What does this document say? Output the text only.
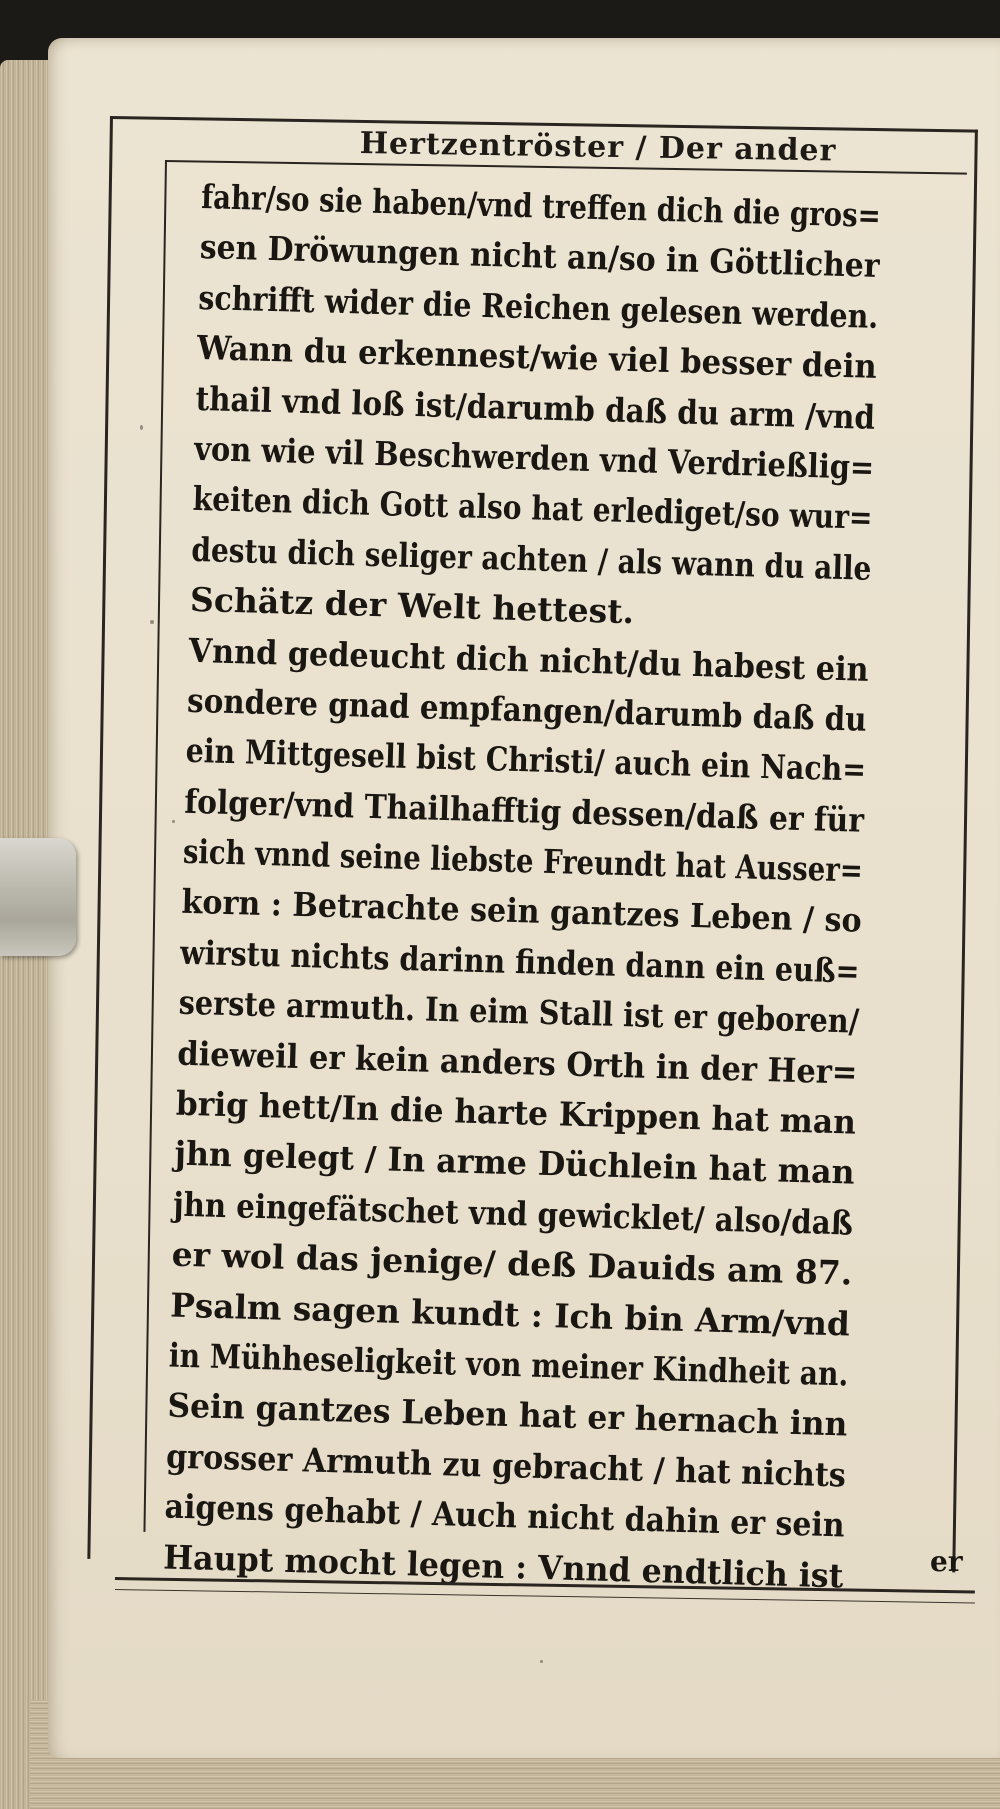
Hertzentröster / Der ander
fahr/so sie haben/vnd treffen dich die gros=
sen Dröwungen nicht an/so in Göttlicher
schrifft wider die Reichen gelesen werden.
Wann du erkennest/wie viel besser dein
thail vnd loß ist/darumb daß du arm /vnd
von wie vil Beschwerden vnd Verdrießlig=
keiten dich Gott also hat erlediget/so wur=
destu dich seliger achten / als wann du alle
Schätz der Welt hettest.
Vnnd gedeucht dich nicht/du habest ein
sondere gnad empfangen/darumb daß du
ein Mittgesell bist Christi/ auch ein Nach=
folger/vnd Thailhafftig dessen/daß er für
sich vnnd seine liebste Freundt hat Ausser=
korn : Betrachte sein gantzes Leben / so
wirstu nichts darinn finden dann ein euß=
serste armuth. In eim Stall ist er geboren/
dieweil er kein anders Orth in der Her=
brig hett/In die harte Krippen hat man
jhn gelegt / In arme Düchlein hat man
jhn eingefätschet vnd gewicklet/ also/daß
er wol das jenige/ deß Dauids am 87.
Psalm sagen kundt : Ich bin Arm/vnd
in Mühheseligkeit von meiner Kindheit an.
Sein gantzes Leben hat er hernach inn
grosser Armuth zu gebracht / hat nichts
aigens gehabt / Auch nicht dahin er sein
Haupt mocht legen : Vnnd endtlich ist	er
